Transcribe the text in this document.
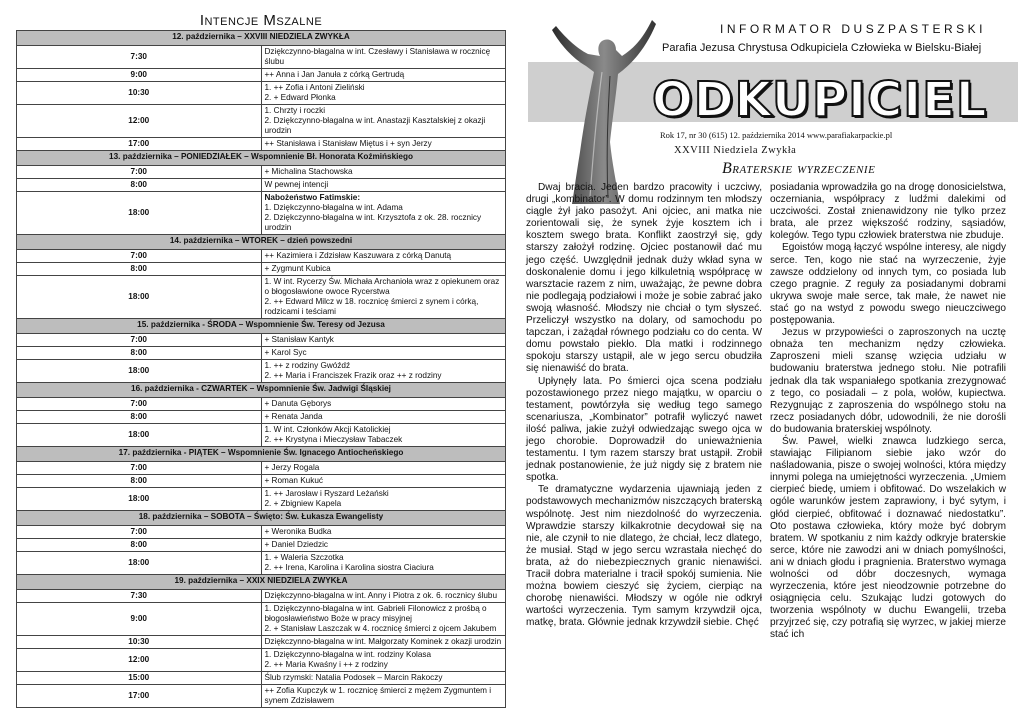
Intencje Mszalne
12. października – XXVIII NIEDZIELA ZWYKŁA	
7:30	Dziękczynno-błagalna w int. Czesławy i Stanisława w rocznicę ślubu

9:00	++ Anna i Jan Januła z córką Gertrudą

10:30	1. ++ Zofia i Antoni Zieliński
2. + Edward Płonka

12:00	1. Chrzty i roczki
2. Dziękczynno-błagalna w int. Anastazji Kasztalskiej z okazji urodzin

17:00	++ Stanisława i Stanisław Miętus i + syn Jerzy

13. października – PONIEDZIAŁEK – Wspomnienie Bł. Honorata Koźmińskiego	
7:00	+ Michalina Stachowska

8:00	W pewnej intencji

18:00	Nabożeństwo Fatimskie:
1. Dziękczynno-błagalna w int. Adama
2. Dziękczynno-błagalna w int. Krzysztofa z ok. 28. rocznicy urodzin

14. października – WTOREK – dzień powszedni	
7:00	++ Kazimiera i Zdzisław Kaszuwara z córką Danutą

8:00	+ Zygmunt Kubica

18:00	1. W int. Rycerzy Św. Michała Archanioła wraz z opiekunem oraz o błogosławione owoce Rycerstwa
2. ++ Edward Milcz w 18. rocznicę śmierci z synem i córką, rodzicami i teściami

15. października - ŚRODA – Wspomnienie Św. Teresy od Jezusa	
7:00	+ Stanisław Kantyk

8:00	+ Karol Syc

18:00	1. ++ z rodziny Gwóźdź
2. ++ Maria i Franciszek Frazik oraz ++ z rodziny

16. października - CZWARTEK – Wspomnienie Św. Jadwigi Śląskiej	
7:00	+ Danuta Gęborys

8:00	+ Renata Janda

18:00	1. W int. Członków Akcji Katolickiej
2. ++ Krystyna i Mieczysław Tabaczek

17. października - PIĄTEK – Wspomnienie Św. Ignacego Antiocheńskiego	
7:00	+ Jerzy Rogala

8:00	+ Roman Kukuć

18:00	1. ++ Jarosław i Ryszard Leżański
2. + Zbigniew Kapela

18. października – SOBOTA – Święto: Św. Łukasza Ewangelisty	
7:00	+ Weronika Budka

8:00	+ Daniel Dziedzic

18:00	1. + Waleria Szczotka
2. ++ Irena, Karolina i Karolina siostra Ciaciura

19. października – XXIX NIEDZIELA ZWYKŁA	
7:30	Dziękczynno-błagalna w int. Anny i Piotra z ok. 6. rocznicy ślubu

9:00	1. Dziękczynno-błagalna w int. Gabrieli Filonowicz z prośbą o błogosławieństwo Boże w pracy misyjnej
2. + Stanisław Laszczak w 4. rocznicę śmierci z ojcem Jakubem

10:30	Dziękczynno-błagalna w int. Małgorzaty Kominek z okazji urodzin

12:00	1. Dziękczynno-błagalna w int. rodziny Kolasa
2. ++ Maria Kwaśny i ++ z rodziny

15:00	Ślub rzymski: Natalia Podosek – Marcin Rakoczy

17:00	++ Zofia Kupczyk w 1. rocznicę śmierci z mężem Zygmuntem i synem Zdzisławem
INFORMATOR DUSZPASTERSKI
Parafia Jezusa Chrystusa Odkupiciela Człowieka w Bielsku-Białej
ODKUPICIEL
Rok 17, nr 30 (615) 12. października 2014 www.parafiakarpackie.pl
XXVIII Niedziela Zwykła
Braterskie wyrzeczenie

Dwaj bracia. Jeden bardzo pracowity i uczciwy, drugi „kombinator”. W domu rodzinnym ten młodszy ciągle żył jako pasożyt. Ani ojciec, ani matka nie zorientowali się, że synek żyje kosztem ich i kosztem swego brata. Konflikt zaostrzył się, gdy starszy założył rodzinę. Ojciec postanowił dać mu jego część. Uwzględnił jednak duży wkład syna w doskonalenie domu i jego kilkuletnią współpracę w warsztacie razem z nim, uważając, że pewne dobra nie podlegają podziałowi i może je sobie zabrać jako swoją własność. Młodszy nie chciał o tym słyszeć. Przeliczył wszystko na dolary, od samochodu po tapczan, i zażądał równego podziału co do centa. W domu powstało piekło. Dla matki i rodzinnego spokoju starszy ustąpił, ale w jego sercu obudziła się nienawiść do brata.

Upłynęły lata. Po śmierci ojca scena podziału pozostawionego przez niego majątku, w oparciu o testament, powtórzyła się według tego samego scenariusza, „Kombinator” potrafił wyliczyć nawet ilość paliwa, jakie zużył odwiedzając swego ojca w jego chorobie. Doprowadził do unieważnienia testamentu. I tym razem starszy brat ustąpił. Zrobił jednak postanowienie, że już nigdy się z bratem nie spotka.

Te dramatyczne wydarzenia ujawniają jeden z podstawowych mechanizmów niszczących braterską wspólnotę. Jest nim niezdolność do wyrzeczenia. Wprawdzie starszy kilkakrotnie decydował się na nie, ale czynił to nie dlatego, że chciał, lecz dlatego, że musiał. Stąd w jego sercu wzrastała niechęć do brata, aż do niebezpiecznych granic nienawiści. Tracił dobra materialne i tracił spokój sumienia. Nie można bowiem cieszyć się życiem, cierpiąc na chorobę nienawiści. Młodszy w ogóle nie odkrył wartości wyrzeczenia. Tym samym krzywdził ojca, matkę, brata. Głównie jednak krzywdził siebie. Chęć

posiadania wprowadziła go na drogę donosicielstwa, oczerniania, współpracy z ludźmi dalekimi od uczciwości. Został znienawidzony nie tylko przez brata, ale przez większość rodziny, sąsiadów, kolegów. Tego typu człowiek braterstwa nie zbuduje.

Egoistów mogą łączyć wspólne interesy, ale nigdy serce. Ten, kogo nie stać na wyrzeczenie, żyje zawsze oddzielony od innych tym, co posiada lub czego pragnie. Z reguły za posiadanymi dobrami ukrywa swoje małe serce, tak małe, że nawet nie stać go na wstyd z powodu swego nieuczciwego postępowania.

Jezus w przypowieści o zaproszonych na ucztę obnaża ten mechanizm nędzy człowieka. Zaproszeni mieli szansę wzięcia udziału w budowaniu braterstwa jednego stołu. Nie potrafili jednak dla tak wspaniałego spotkania zrezygnować z tego, co posiadali – z pola, wołów, kupiectwa. Rezygnując z zaproszenia do wspólnego stołu na rzecz posiadanych dóbr, udowodnili, że nie dorośli do budowania braterskiej wspólnoty.

Św. Paweł, wielki znawca ludzkiego serca, stawiając Filipianom siebie jako wzór do naśladowania, pisze o swojej wolności, która między innymi polega na umiejętności wyrzeczenia. „Umiem cierpieć biedę, umiem i obfitować. Do wszelakich w ogóle warunków jestem zaprawiony, i być sytym, i głód cierpieć, obfitować i doznawać niedostatku”. Oto postawa człowieka, który może być dobrym bratem. W spotkaniu z nim każdy odkryje braterskie serce, które nie zawodzi ani w dniach pomyślności, ani w dniach głodu i pragnienia. Braterstwo wymaga wolności od dóbr doczesnych, wymaga wyrzeczenia, które jest nieodzownie potrzebne do osiągnięcia celu. Szukając ludzi gotowych do tworzenia wspólnoty w duchu Ewangelii, trzeba przyjrzeć się, czy potrafią się wyrzec, w jakiej mierze stać ich
